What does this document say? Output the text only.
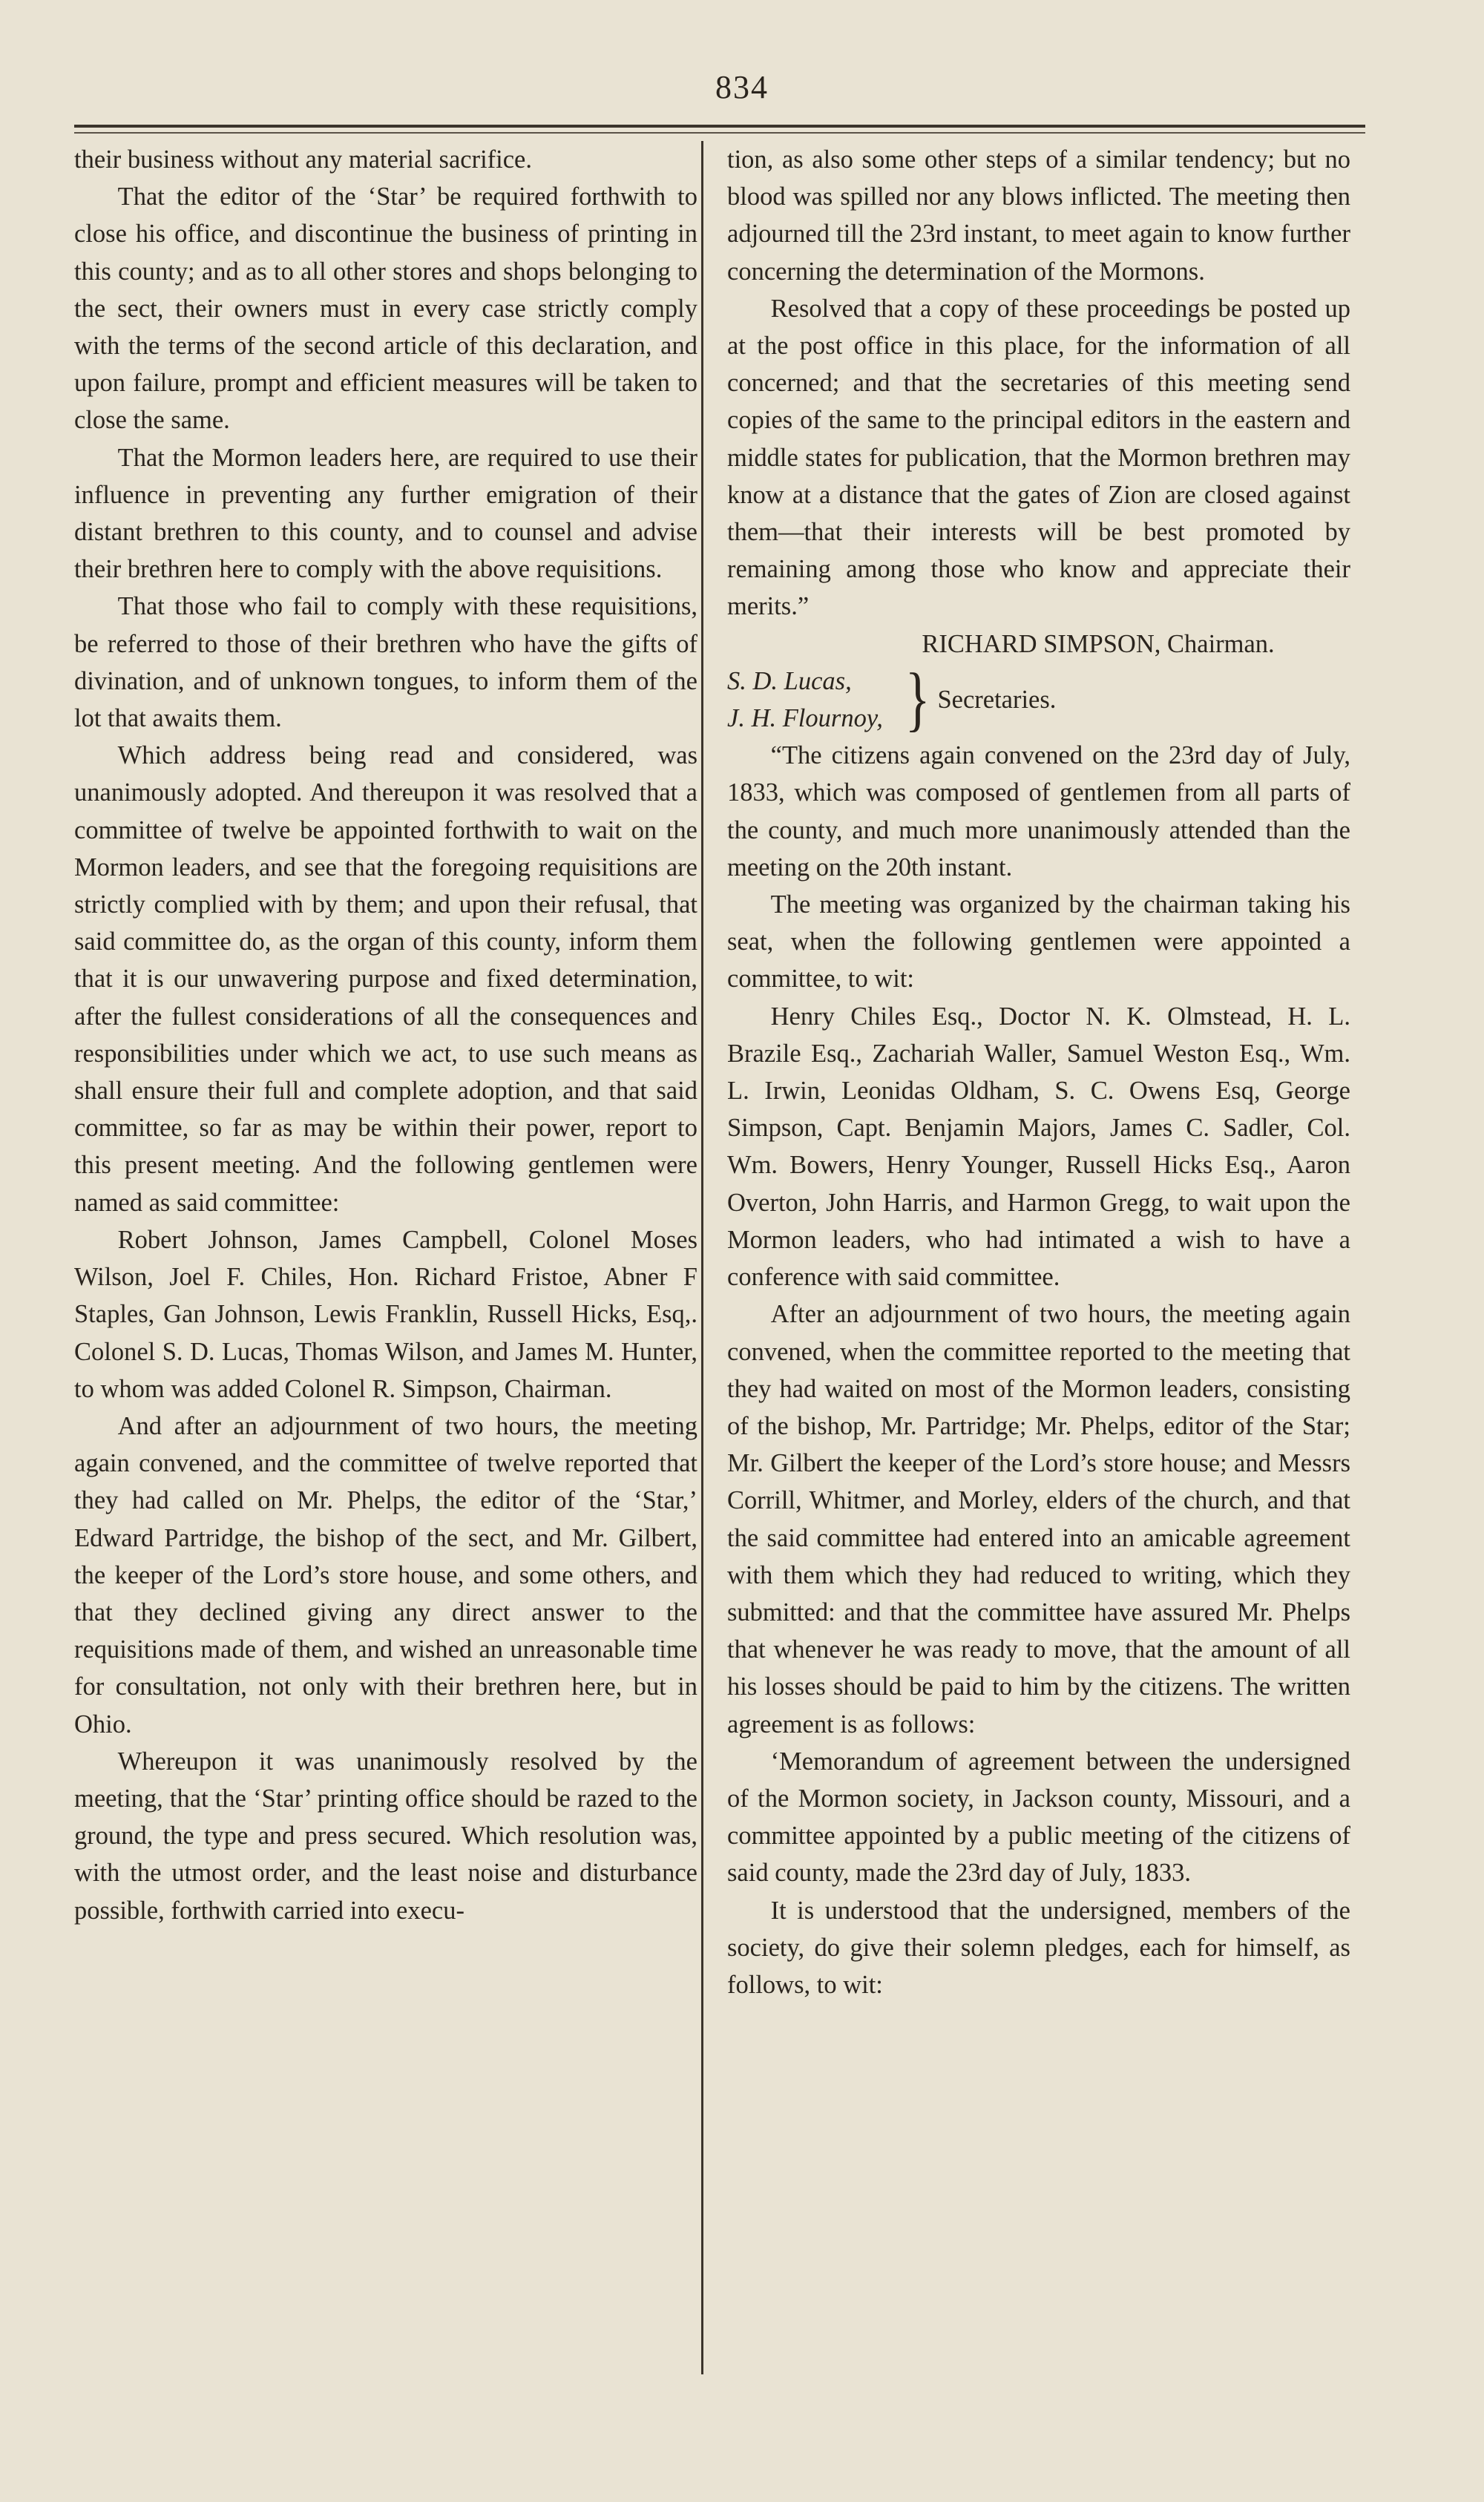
834

their business without any material sacrifice.

That the editor of the ‘Star’ be required forthwith to close his office, and discontinue the business of printing in this county; and as to all other stores and shops belonging to the sect, their owners must in every case strictly comply with the terms of the second article of this declaration, and upon failure, prompt and efficient measures will be taken to close the same.

That the Mormon leaders here, are required to use their influence in preventing any further emigration of their distant brethren to this county, and to counsel and advise their brethren here to comply with the above requisitions.

That those who fail to comply with these requisitions, be referred to those of their brethren who have the gifts of divination, and of unknown tongues, to inform them of the lot that awaits them.

Which address being read and considered, was unanimously adopted. And thereupon it was resolved that a committee of twelve be appointed forthwith to wait on the Mormon leaders, and see that the foregoing requisitions are strictly complied with by them; and upon their refusal, that said committee do, as the organ of this county, inform them that it is our unwavering purpose and fixed determination, after the fullest considerations of all the consequences and responsibilities under which we act, to use such means as shall ensure their full and complete adoption, and that said committee, so far as may be within their power, report to this present meeting. And the following gentlemen were named as said committee:

Robert Johnson, James Campbell, Colonel Moses Wilson, Joel F. Chiles, Hon. Richard Fristoe, Abner F Staples, Gan Johnson, Lewis Franklin, Russell Hicks, Esq,. Colonel S. D. Lucas, Thomas Wilson, and James M. Hunter, to whom was added Colonel R. Simpson, Chairman.

And after an adjournment of two hours, the meeting again convened, and the committee of twelve reported that they had called on Mr. Phelps, the editor of the ‘Star,’ Edward Partridge, the bishop of the sect, and Mr. Gilbert, the keeper of the Lord’s store house, and some others, and that they declined giving any direct answer to the requisitions made of them, and wished an unreasonable time for consultation, not only with their brethren here, but in Ohio.

Whereupon it was unanimously resolved by the meeting, that the ‘Star’ printing office should be razed to the ground, the type and press secured. Which resolution was, with the utmost order, and the least noise and disturbance possible, forthwith carried into execu-

tion, as also some other steps of a similar tendency; but no blood was spilled nor any blows inflicted. The meeting then adjourned till the 23rd instant, to meet again to know further concerning the determination of the Mormons.

Resolved that a copy of these proceedings be posted up at the post office in this place, for the information of all concerned; and that the secretaries of this meeting send copies of the same to the principal editors in the eastern and middle states for publication, that the Mormon brethren may know at a distance that the gates of Zion are closed against them—that their interests will be best promoted by remaining among those who know and appreciate their merits.”

RICHARD SIMPSON, Chairman.

S. D. Lucas,
J. H. Flournoy, } Secretaries.

“The citizens again convened on the 23rd day of July, 1833, which was composed of gentlemen from all parts of the county, and much more unanimously attended than the meeting on the 20th instant.

The meeting was organized by the chairman taking his seat, when the following gentlemen were appointed a committee, to wit:

Henry Chiles Esq., Doctor N. K. Olmstead, H. L. Brazile Esq., Zachariah Waller, Samuel Weston Esq., Wm. L. Irwin, Leonidas Oldham, S. C. Owens Esq, George Simpson, Capt. Benjamin Majors, James C. Sadler, Col. Wm. Bowers, Henry Younger, Russell Hicks Esq., Aaron Overton, John Harris, and Harmon Gregg, to wait upon the Mormon leaders, who had intimated a wish to have a conference with said committee.

After an adjournment of two hours, the meeting again convened, when the committee reported to the meeting that they had waited on most of the Mormon leaders, consisting of the bishop, Mr. Partridge; Mr. Phelps, editor of the Star; Mr. Gilbert the keeper of the Lord’s store house; and Messrs Corrill, Whitmer, and Morley, elders of the church, and that the said committee had entered into an amicable agreement with them which they had reduced to writing, which they submitted: and that the committee have assured Mr. Phelps that whenever he was ready to move, that the amount of all his losses should be paid to him by the citizens. The written agreement is as follows:

‘Memorandum of agreement between the undersigned of the Mormon society, in Jackson county, Missouri, and a committee appointed by a public meeting of the citizens of said county, made the 23rd day of July, 1833.

It is understood that the undersigned, members of the society, do give their solemn pledges, each for himself, as follows, to wit:
